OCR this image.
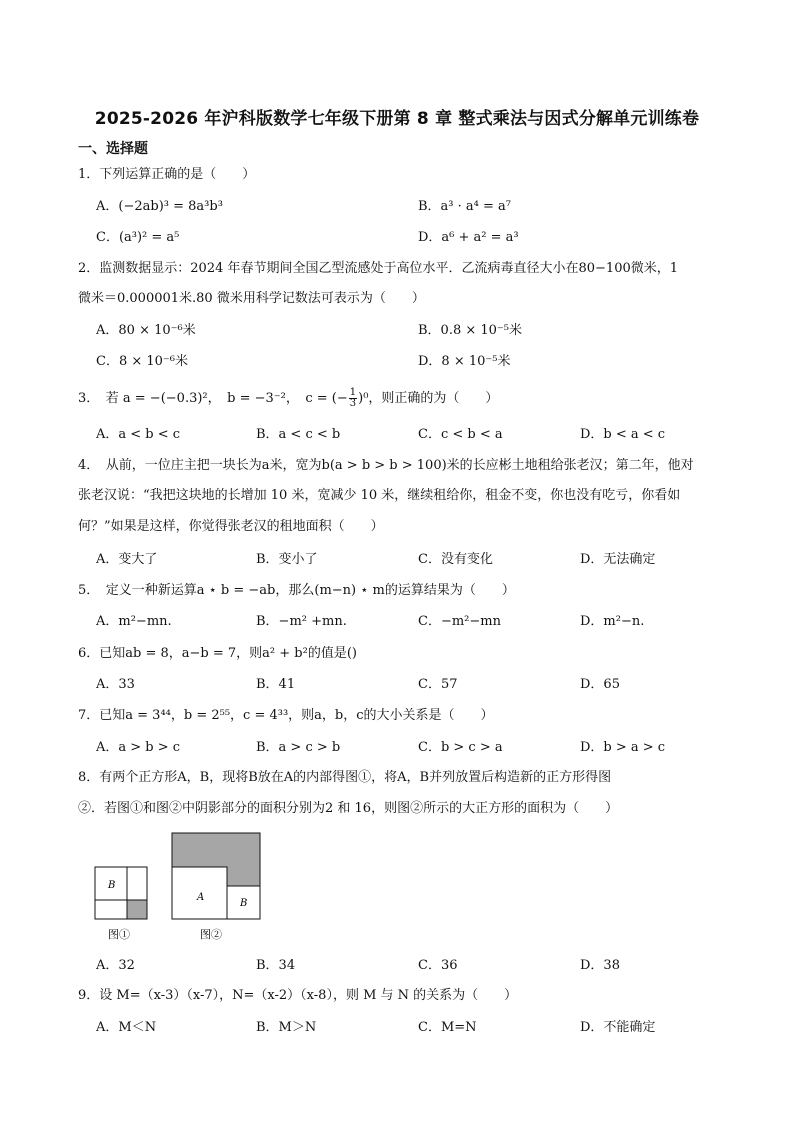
2025-2026 年沪科版数学七年级下册第 8 章 整式乘法与因式分解单元训练卷
一、选择题
1．下列运算正确的是（　　）
A．(−2ab)³ = 8a³b³	B．a³ · a⁴ = a⁷
C．(a³)² = a⁵	D．a⁶ + a² = a³
2．监测数据显示：2024 年春节期间全国乙型流感处于高位水平．乙流病毒直径大小在80−100微米，1
微米＝0.000001米.80 微米用科学记数法可表示为（　　）
A．80 × 10⁻⁶米	B．0.8 × 10⁻⁵米
C．8 × 10⁻⁶米	D．8 × 10⁻⁵米
3．　若 a = −(−0.3)²，　b = −3⁻²，　c = (− $\frac{1}{3} )^0$，则正确的为（　　）
A．a < b < c	B．a < c < b	C．c < b < a	D．b < a < c
4．　从前，一位庄主把一块长为a米，宽为b(a > b > b > 100)米的长应彬土地租给张老汉；第二年，他对
张老汉说：“我把这块地的长增加 10 米，宽减少 10 米，继续租给你，租金不变，你也没有吃亏，你看如
何？”如果是这样，你觉得张老汉的租地面积（　　）
A．变大了	B．变小了	C．没有变化	D．无法确定
5．　定义一种新运算a ⋆ b = −ab，那么(m−n) ⋆ m的运算结果为（　　）
A．m²−mn.	B．−m² +mn.	C．−m²−mn	D．m²−n.
6．已知ab = 8，a−b = 7，则a² + b²的值是()
A．33	B．41	C．57	D．65
7．已知a = 3⁴⁴，b = 2⁵⁵，c = 4³³，则a，b，c的大小关系是（　　）
A．a > b > c	B．a > c > b	C．b > c > a	D．b > a > c
8．有两个正方形A，B，现将B放在A的内部得图①，将A，B并列放置后构造新的正方形得图
②．若图①和图②中阴影部分的面积分别为2 和 16，则图②所示的大正方形的面积为（　　）
B
图①
A
B
图②
A．32	B．34	C．36	D．38
9．设 M=（x-3）（x-7），N=（x-2）（x-8），则 M 与 N 的关系为（　　）
A．M＜N	B．M＞N	C．M=N	D．不能确定
